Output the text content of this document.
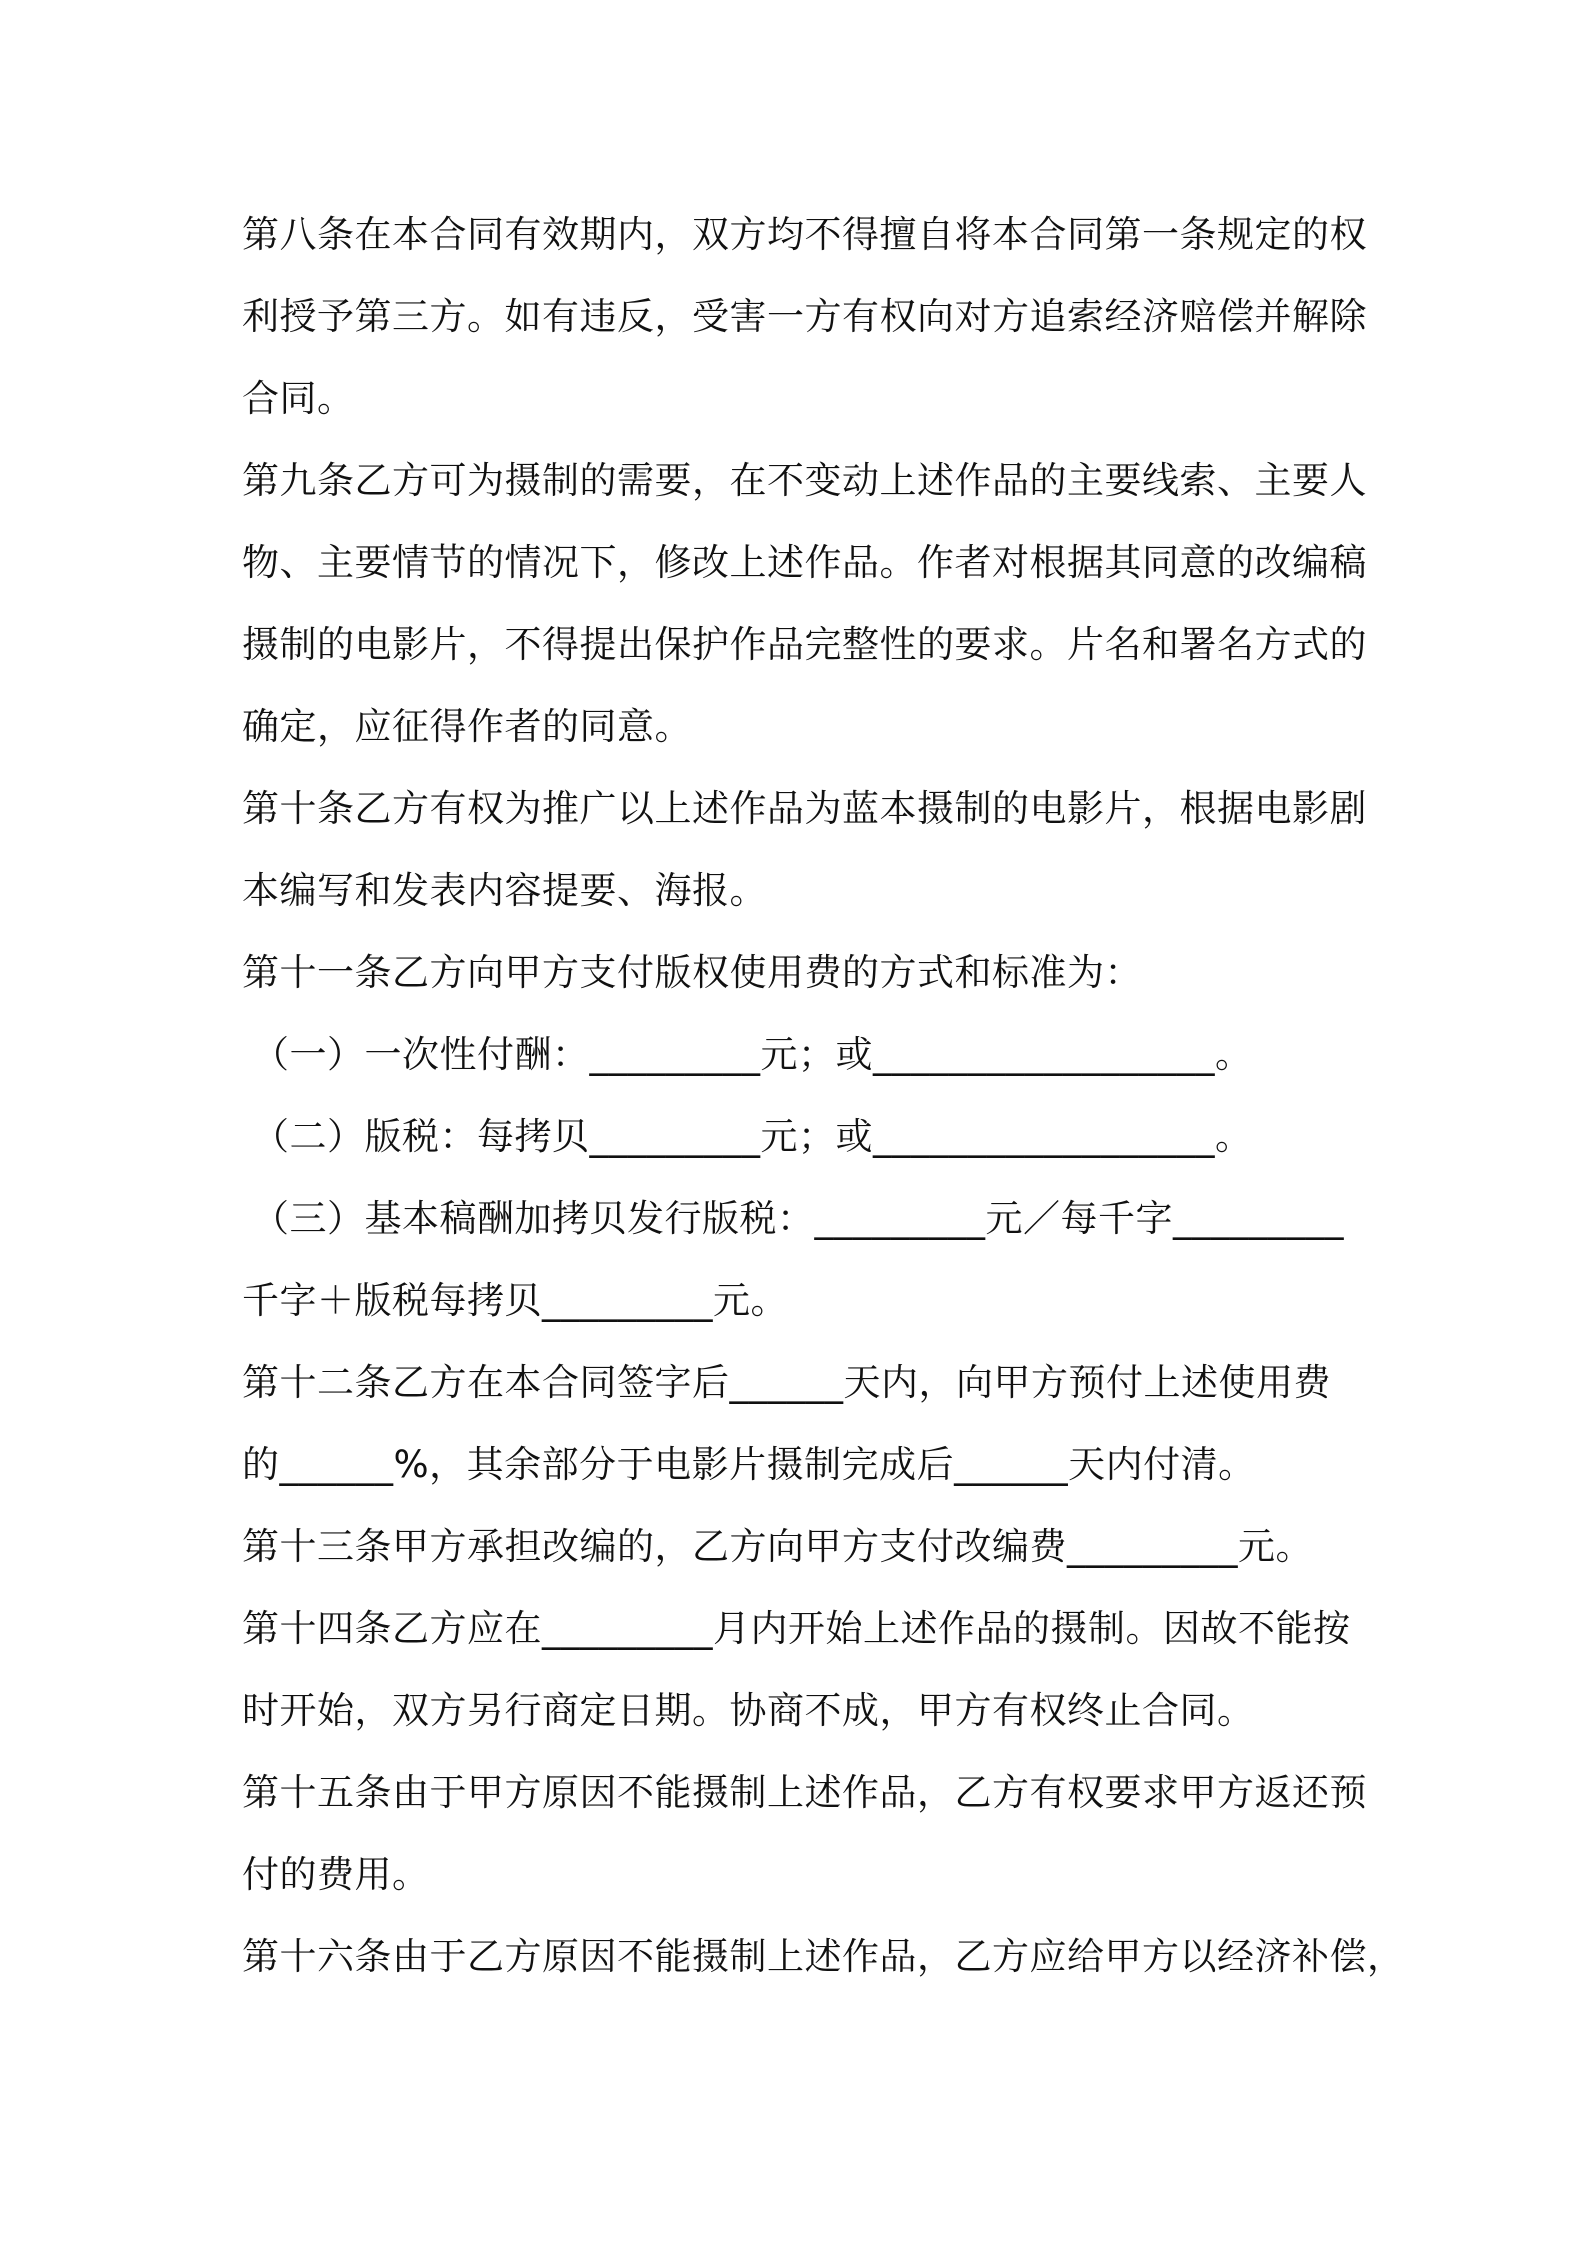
第八条在本合同有效期内，双方均不得擅自将本合同第一条规定的权
利授予第三方。如有违反，受害一方有权向对方追索经济赔偿并解除
合同。
第九条乙方可为摄制的需要，在不变动上述作品的主要线索、主要人
物、主要情节的情况下，修改上述作品。作者对根据其同意的改编稿
摄制的电影片，不得提出保护作品完整性的要求。片名和署名方式的
确定，应征得作者的同意。
第十条乙方有权为推广以上述作品为蓝本摄制的电影片，根据电影剧
本编写和发表内容提要、海报。
第十一条乙方向甲方支付版权使用费的方式和标准为：
（一）一次性付酬：_________元；或__________________。
（二）版税：每拷贝_________元；或__________________。
（三）基本稿酬加拷贝发行版税：_________元／每千字_________
千字＋版税每拷贝_________元。
第十二条乙方在本合同签字后______天内，向甲方预付上述使用费
的______%，其余部分于电影片摄制完成后______天内付清。
第十三条甲方承担改编的，乙方向甲方支付改编费_________元。
第十四条乙方应在_________月内开始上述作品的摄制。因故不能按
时开始，双方另行商定日期。协商不成，甲方有权终止合同。
第十五条由于甲方原因不能摄制上述作品，乙方有权要求甲方返还预
付的费用。
第十六条由于乙方原因不能摄制上述作品，乙方应给甲方以经济补偿，
